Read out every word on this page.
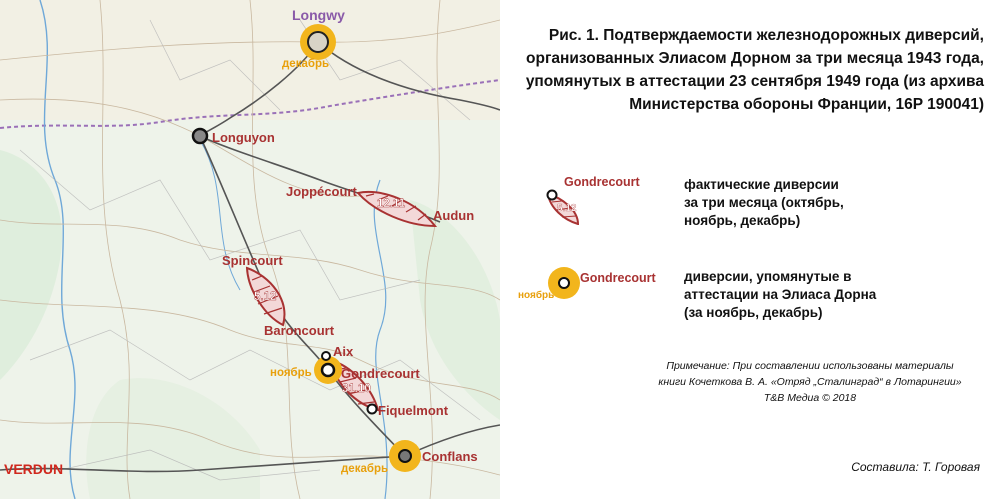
Longwy
Longuyon
Joppécourt
Audun
Spincourt
Baroncourt
Aix
Gondrecourt
Fiquelmont
Conflans
VERDUN
12.11
5.12
31.10
декабрь
ноябрь
декабрь
Рис. 1. Подтверждаемости железнодорожных диверсий,
организованных Элиасом Дорном за три месяца 1943 года,
упомянутых в аттестации 23 сентября 1949 года (из архива
Министерства обороны Франции, 16P 190041)
Gondrecourt
5.12
фактические диверсии
за три месяца (октябрь,
ноябрь, декабрь)
Gondrecourt
ноябрь
диверсии, упомянутые в
аттестации на Элиаса Дорна
(за ноябрь, декабрь)
Примечание: При составлении использованы материалы
книги Кочеткова В. А. «Отряд „Сталинград“ в Лотарингии»
T&B Медиа © 2018
Составила: Т. Горовая
